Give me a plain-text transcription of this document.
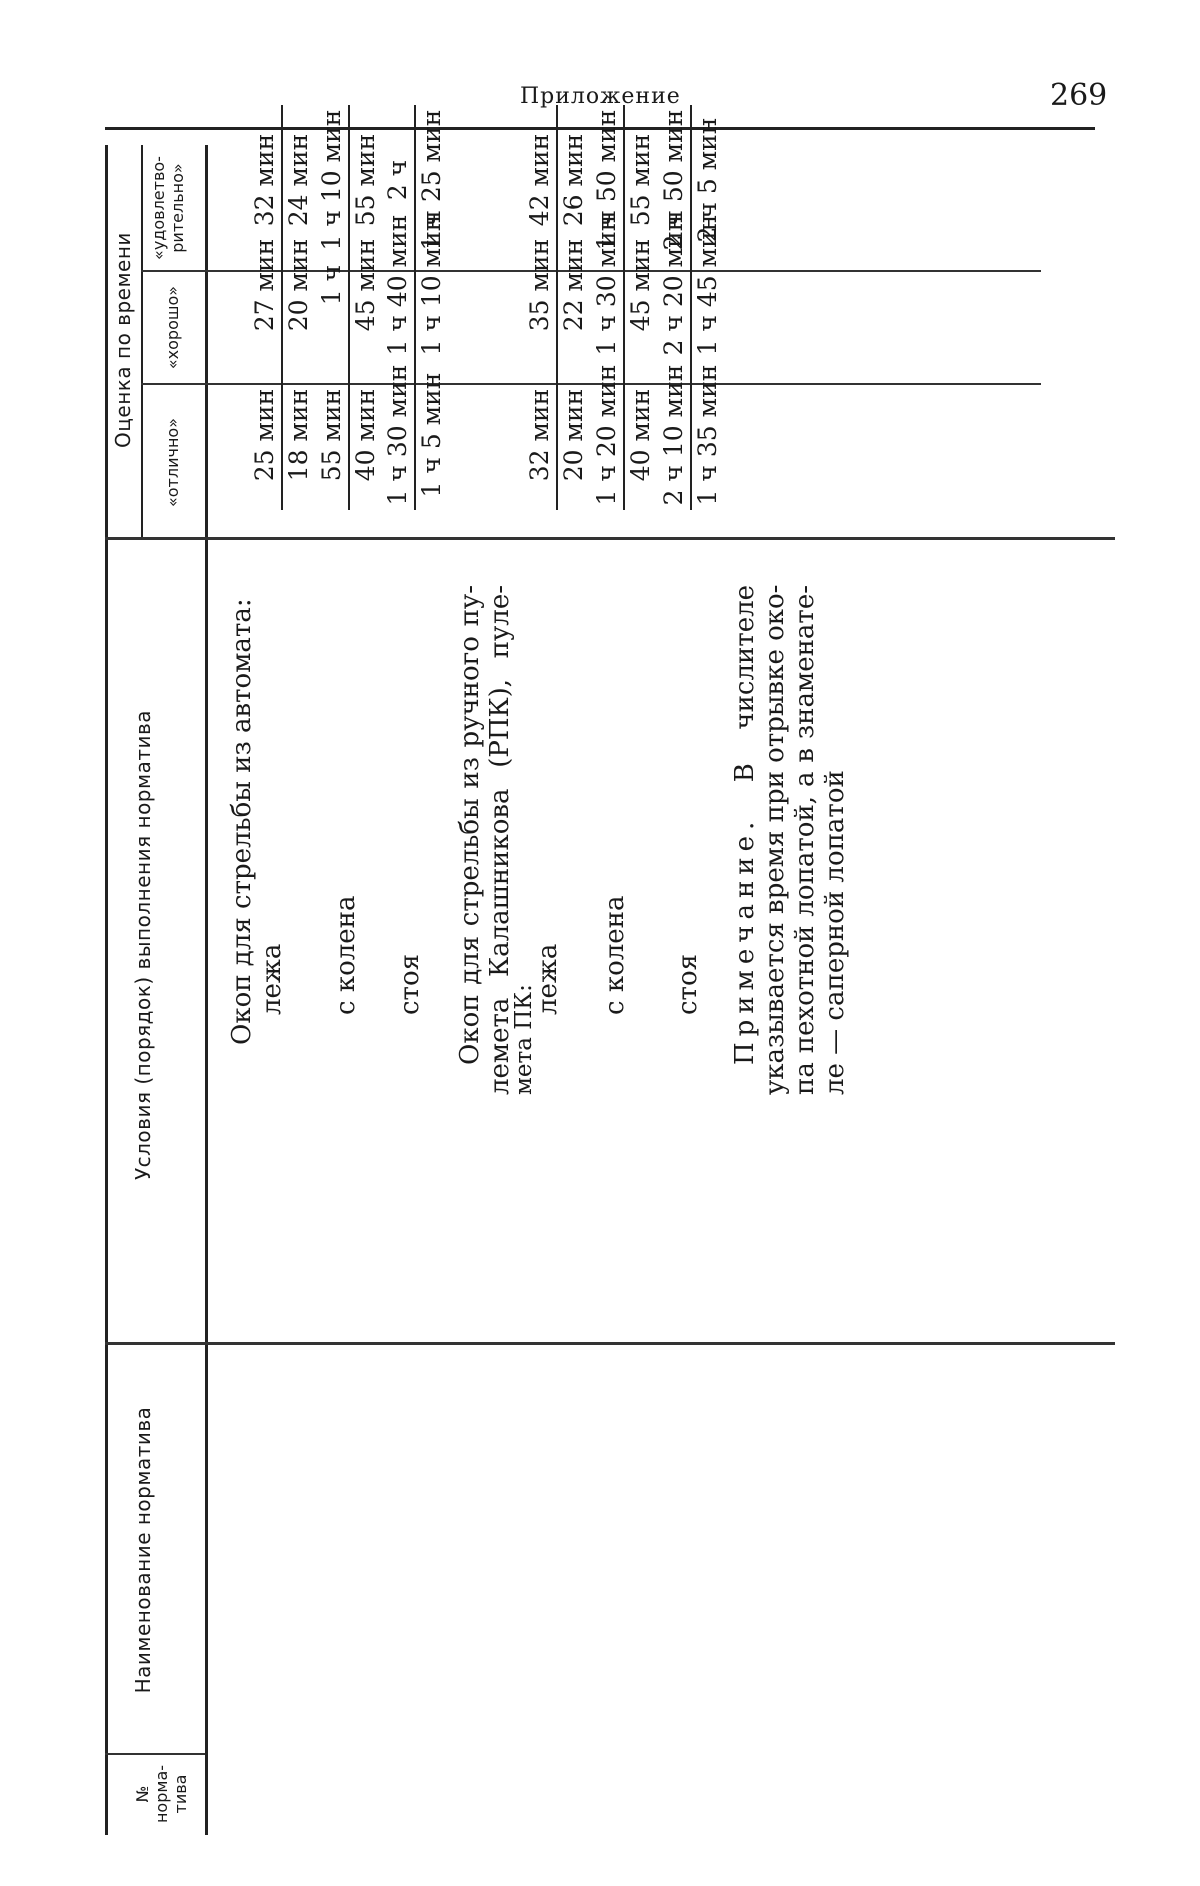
Приложение	269
№ норма-тива
Наименование норматива
Условия (порядок) выполнения норматива
Оценка по времени
«отлично»
«хорошо»
«удовлетво-рительно»
Окоп для стрельбы из автомата: лежа с колена стоя
25 мин 18 мин
27 мин 20 мин
32 мин 24 мин
55 мин 40 мин
1 ч 45 мин
1 ч 10 мин 55 мин
1 ч 30 мин 1 ч 5 мин
1 ч 40 мин 1 ч 10 мин
2 ч 1 ч 25 мин
Окоп для стрельбы из ручного пу- лемета Калашникова (РПК), пуле-
мета ПК:
лежа с колена стоя
32 мин 20 мин
35 мин 22 мин
42 мин 26 мин
1 ч 20 мин 40 мин
1 ч 30 мин 45 мин
1 ч 50 мин 55 мин
2 ч 10 мин 1 ч 35 мин
2 ч 20 мин 1 ч 45 мин
2 ч 50 мин 2 ч 5 мин
Примечание. В числителе указывается время при отрывке око- па пехотной лопатой, а в знаменате- ле — саперной лопатой
